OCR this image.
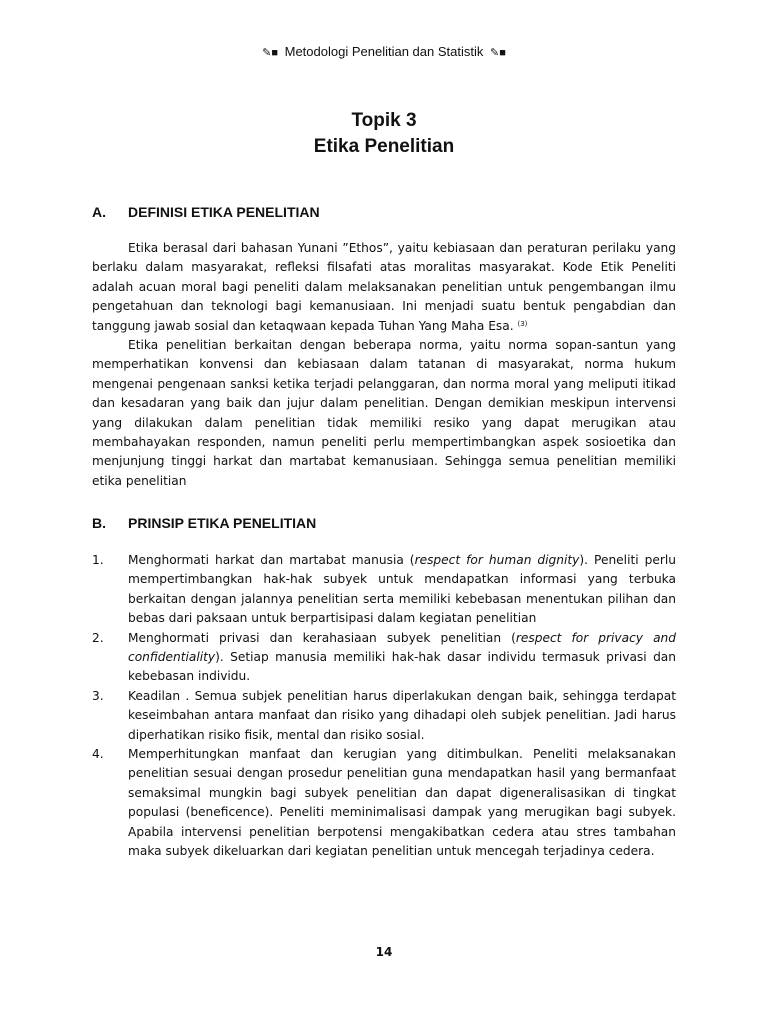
✎■ Metodologi Penelitian dan Statistik ✎■
Topik 3
Etika Penelitian
A. DEFINISI ETIKA PENELITIAN

Etika berasal dari bahasan Yunani ”Ethos”, yaitu kebiasaan dan peraturan perilaku yang berlaku dalam masyarakat, refleksi filsafati atas moralitas masyarakat. Kode Etik Peneliti adalah acuan moral bagi peneliti dalam melaksanakan penelitian untuk pengembangan ilmu pengetahuan dan teknologi bagi kemanusiaan. Ini menjadi suatu bentuk pengabdian dan tanggung jawab sosial dan ketaqwaan kepada Tuhan Yang Maha Esa. $^{(3)}$

Etika penelitian berkaitan dengan beberapa norma, yaitu norma sopan-santun yang memperhatikan konvensi dan kebiasaan dalam tatanan di masyarakat, norma hukum mengenai pengenaan sanksi ketika terjadi pelanggaran, dan norma moral yang meliputi itikad dan kesadaran yang baik dan jujur dalam penelitian. Dengan demikian meskipun intervensi yang dilakukan dalam penelitian tidak memiliki resiko yang dapat merugikan atau membahayakan responden, namun peneliti perlu mempertimbangkan aspek sosioetika dan menjunjung tinggi harkat dan martabat kemanusiaan. Sehingga semua penelitian memiliki etika penelitian

B. PRINSIP ETIKA PENELITIAN
1.	Menghormati harkat dan martabat manusia (respect for human dignity). Peneliti perlu mempertimbangkan hak-hak subyek untuk mendapatkan informasi yang terbuka berkaitan dengan jalannya penelitian serta memiliki kebebasan menentukan pilihan dan bebas dari paksaan untuk berpartisipasi dalam kegiatan penelitian
2.	Menghormati privasi dan kerahasiaan subyek penelitian (respect for privacy and confidentiality). Setiap manusia memiliki hak-hak dasar individu termasuk privasi dan kebebasan individu.
3.	Keadilan . Semua subjek penelitian harus diperlakukan dengan baik, sehingga terdapat keseimbahan antara manfaat dan risiko yang dihadapi oleh subjek penelitian. Jadi harus diperhatikan risiko fisik, mental dan risiko sosial.
4.	Memperhitungkan manfaat dan kerugian yang ditimbulkan. Peneliti melaksanakan penelitian sesuai dengan prosedur penelitian guna mendapatkan hasil yang bermanfaat semaksimal mungkin bagi subyek penelitian dan dapat digeneralisasikan di tingkat populasi (beneficence). Peneliti meminimalisasi dampak yang merugikan bagi subyek. Apabila intervensi penelitian berpotensi mengakibatkan cedera atau stres tambahan maka subyek dikeluarkan dari kegiatan penelitian untuk mencegah terjadinya cedera.
14
